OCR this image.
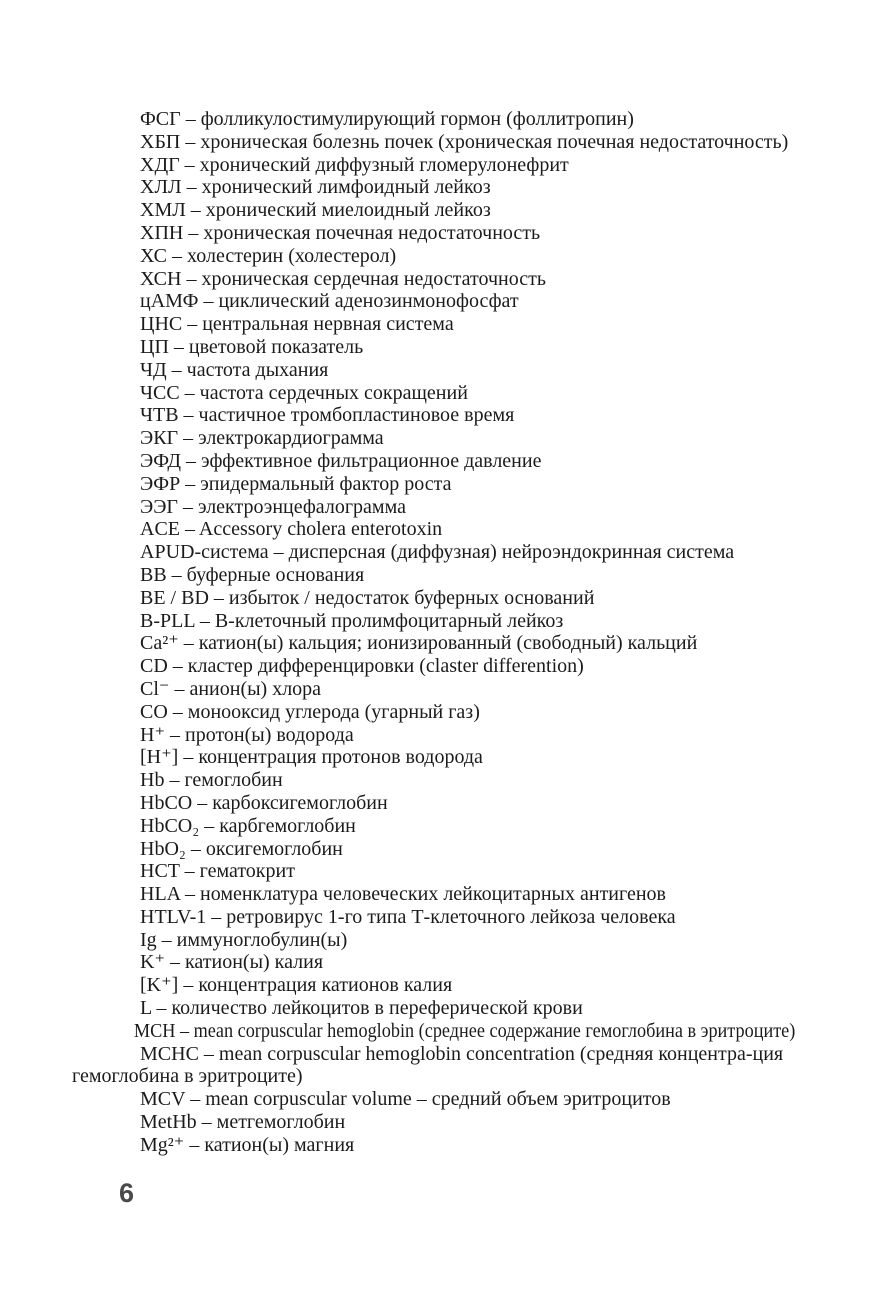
ФСГ – фолликулостимулирующий гормон (фоллитропин)

ХБП – хроническая болезнь почек (хроническая почечная недостаточность)

ХДГ – хронический диффузный гломерулонефрит

ХЛЛ – хронический лимфоидный лейкоз

ХМЛ – хронический миелоидный лейкоз

ХПН – хроническая почечная недостаточность

ХС – холестерин (холестерол)

ХСН – хроническая сердечная недостаточность

цАМФ – циклический аденозинмонофосфат

ЦНС – центральная нервная система

ЦП – цветовой показатель

ЧД – частота дыхания

ЧСС – частота сердечных сокращений

ЧТВ – частичное тромбопластиновое время

ЭКГ – электрокардиограмма

ЭФД – эффективное фильтрационное давление

ЭФР – эпидермальный фактор роста

ЭЭГ – электроэнцефалограмма

ACE – Accessory cholera enterotoxin

APUD-система – дисперсная (диффузная) нейроэндокринная система

BB – буферные основания

BE / BD – избыток / недостаток буферных оснований

B-PLL – B-клеточный пролимфоцитарный лейкоз

Ca²⁺ – катион(ы) кальция; ионизированный (свободный) кальций

CD – кластер дифференцировки (claster differention)

Cl⁻ – анион(ы) хлора

CO – монооксид углерода (угарный газ)

H⁺ – протон(ы) водорода

[H⁺] – концентрация протонов водорода

Hb – гемоглобин

HbCO – карбоксигемоглобин

HbCO₂ – карбгемоглобин

HbO₂ – оксигемоглобин

HCT – гематокрит

HLA – номенклатура человеческих лейкоцитарных антигенов

HTLV-1 – ретровирус 1-го типа Т-клеточного лейкоза человека

Ig – иммуноглобулин(ы)

K⁺ – катион(ы) калия

[K⁺] – концентрация катионов калия

L – количество лейкоцитов в переферической крови

MCH – mean corpuscular hemoglobin (среднее содержание гемоглобина в эритроците)

MCHC – mean corpuscular hemoglobin concentration (средняя концентра-ция гемоглобина в эритроците)

MCV – mean corpuscular volume – средний объем эритроцитов

MetHb – метгемоглобин

Mg²⁺ – катион(ы) магния

6
